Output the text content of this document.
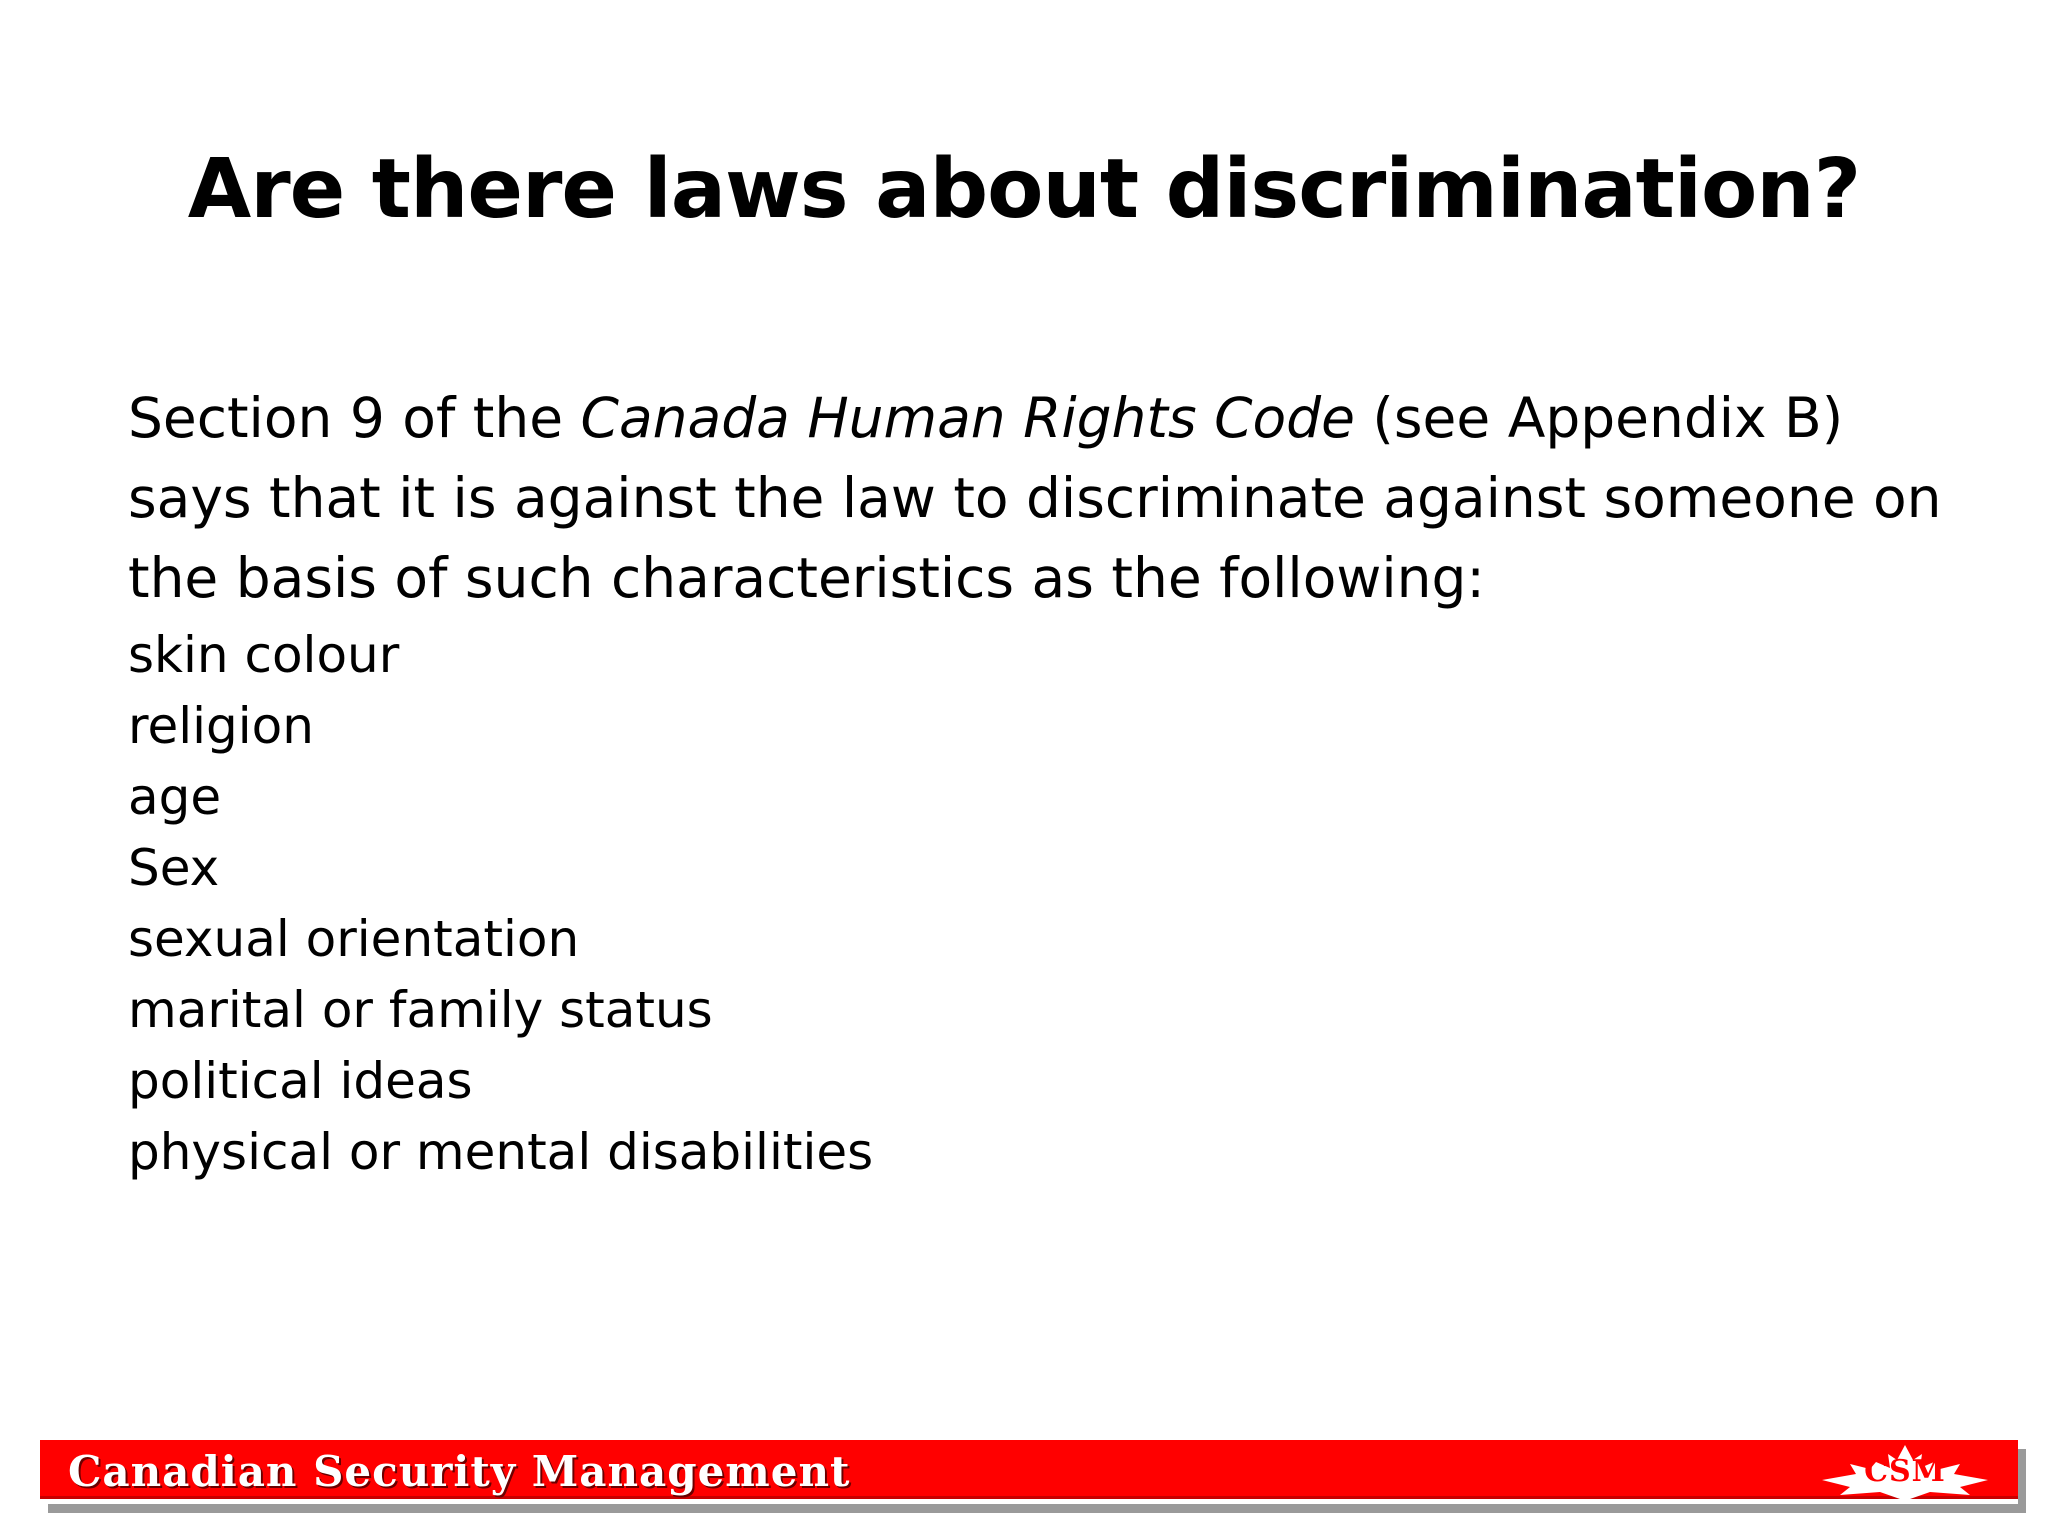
Are there laws about discrimination?

Section 9 of the Canada Human Rights Code (see Appendix B) says that it is against the law to discriminate against someone on the basis of such characteristics as the following:

skin colour
religion
age
Sex
sexual orientation
marital or family status
political ideas
physical or mental disabilities
Canadian Security Management	CSM
